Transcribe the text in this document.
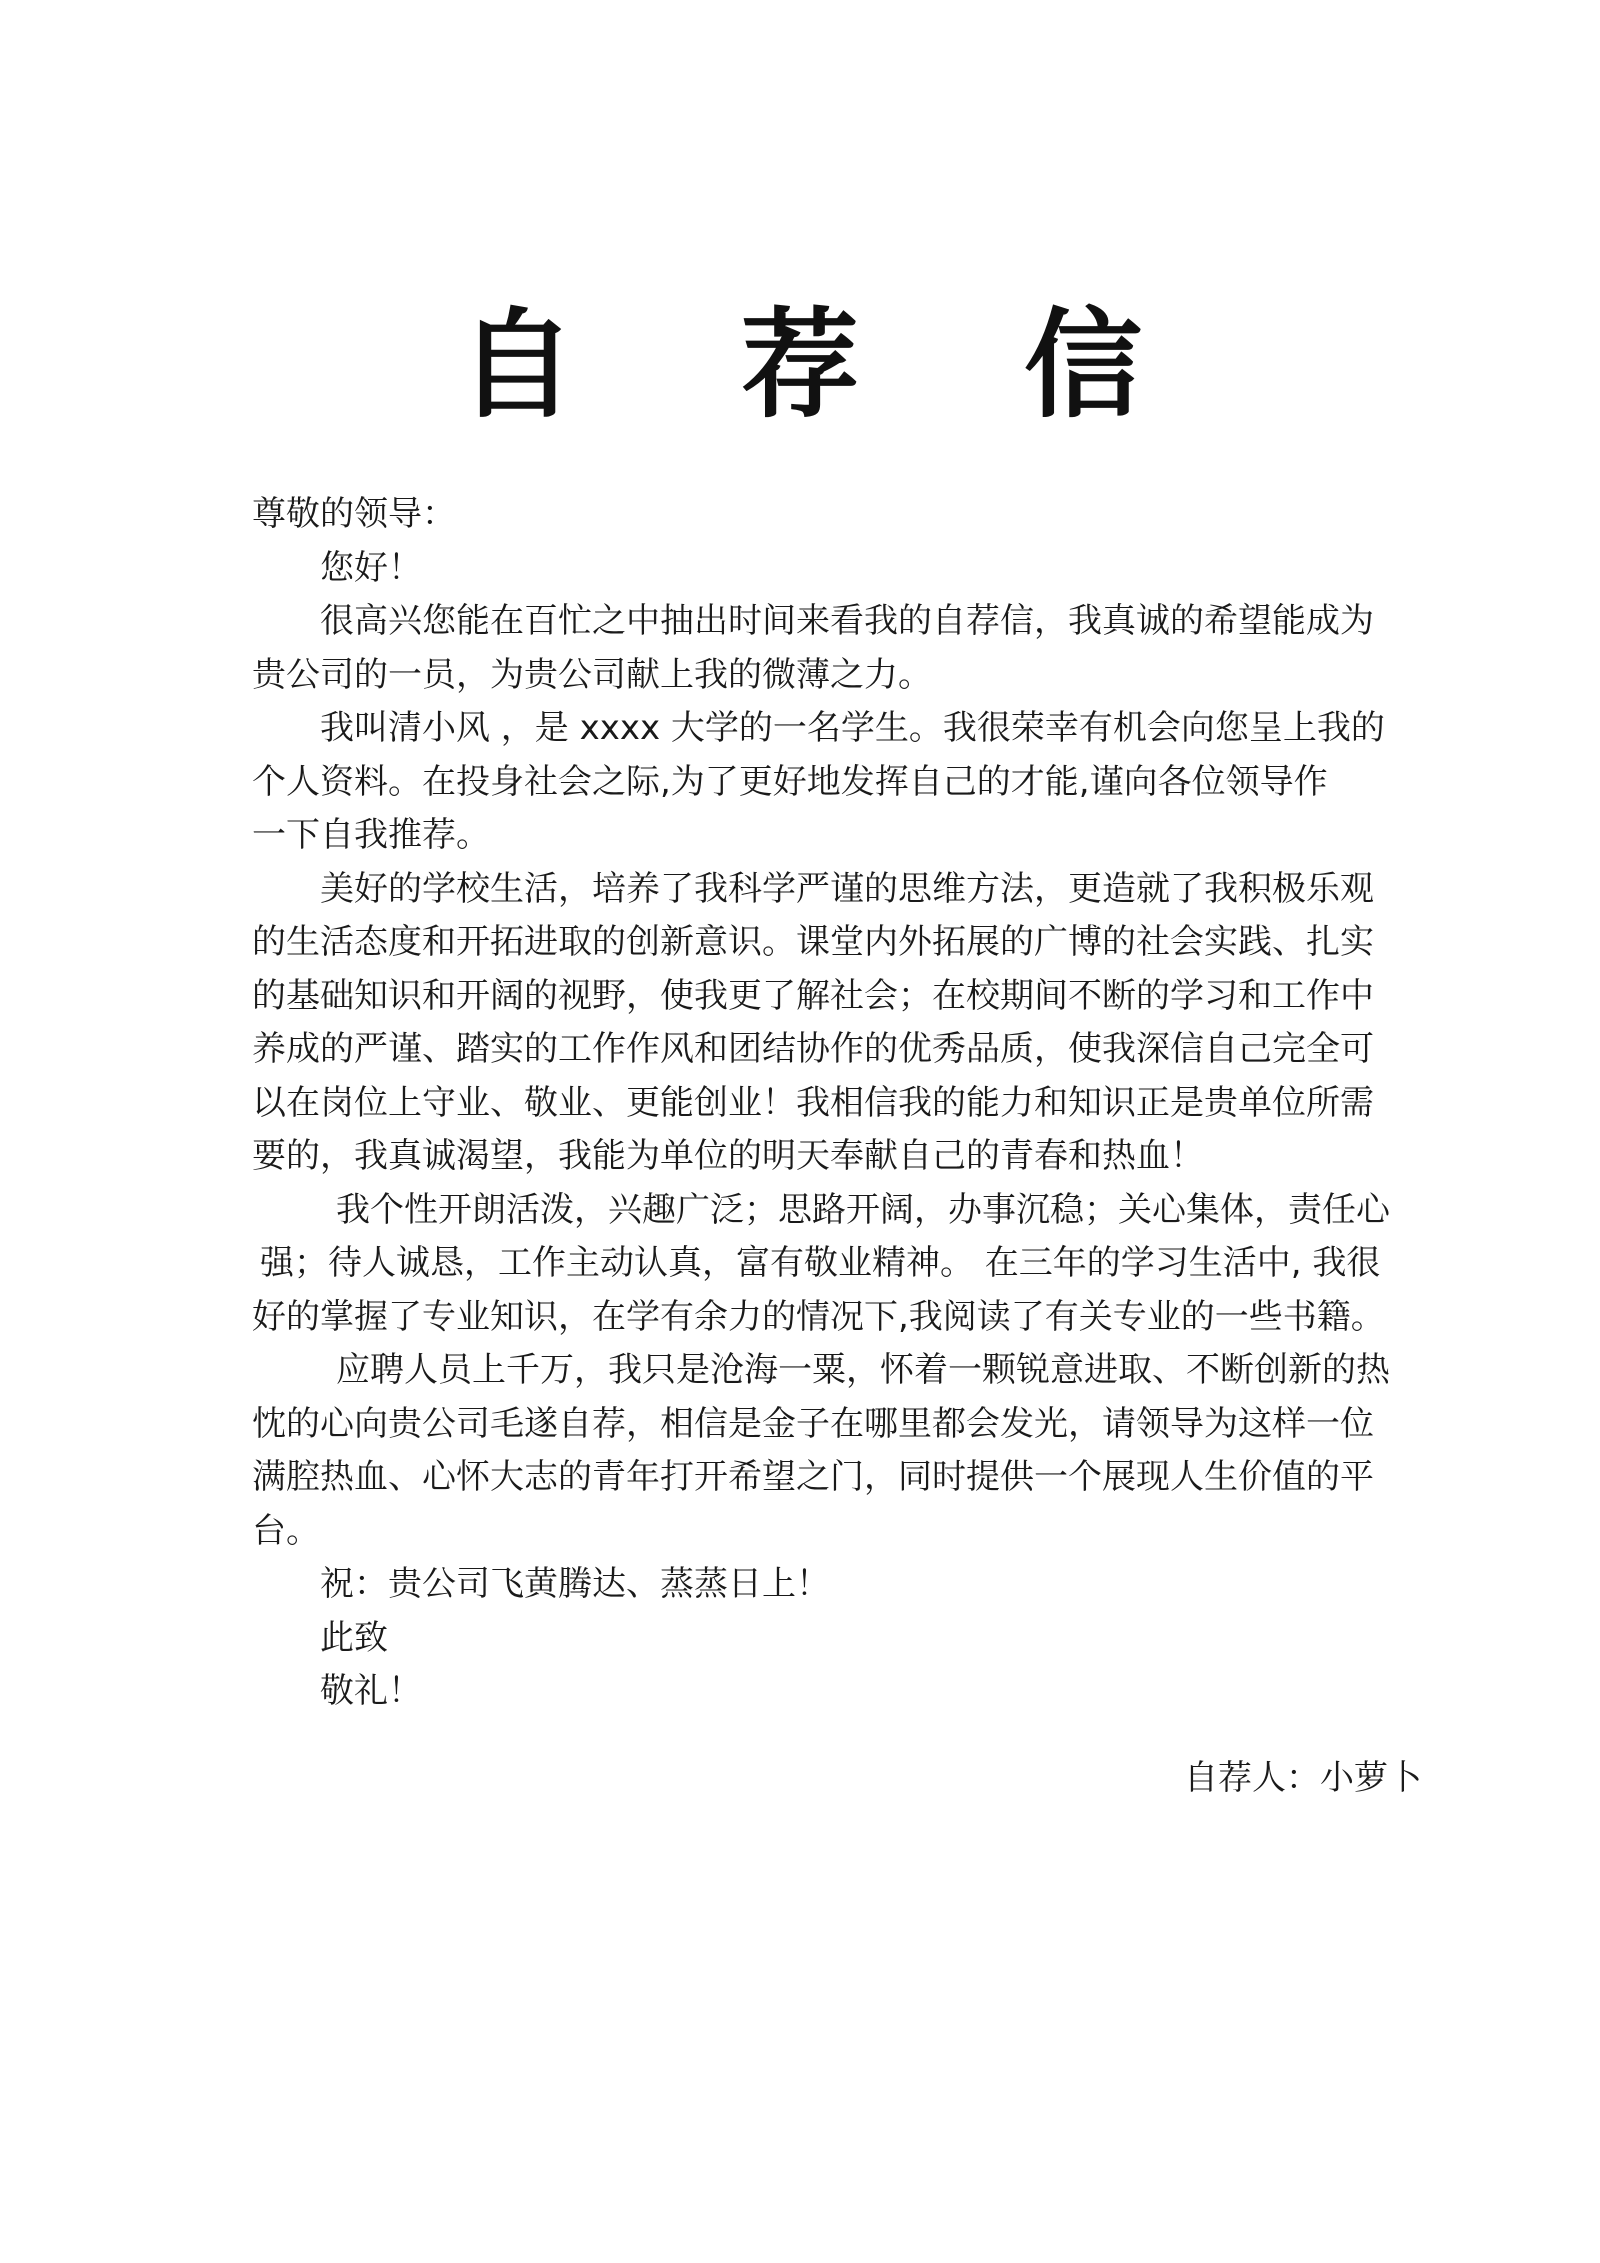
自 荐 信
尊敬的领导：
您好！
很高兴您能在百忙之中抽出时间来看我的自荐信，我真诚的希望能成为
贵公司的一员，为贵公司献上我的微薄之力。
我叫清小风 ，是 xxxx 大学的一名学生。我很荣幸有机会向您呈上我的
个人资料。在投身社会之际,为了更好地发挥自己的才能,谨向各位领导作
一下自我推荐。
美好的学校生活，培养了我科学严谨的思维方法，更造就了我积极乐观
的生活态度和开拓进取的创新意识。课堂内外拓展的广博的社会实践、扎实
的基础知识和开阔的视野，使我更了解社会；在校期间不断的学习和工作中
养成的严谨、踏实的工作作风和团结协作的优秀品质，使我深信自己完全可
以在岗位上守业、敬业、更能创业！我相信我的能力和知识正是贵单位所需
要的，我真诚渴望，我能为单位的明天奉献自己的青春和热血！
我个性开朗活泼，兴趣广泛；思路开阔，办事沉稳；关心集体，责任心
强；待人诚恳，工作主动认真，富有敬业精神。 在三年的学习生活中, 我很
好的掌握了专业知识，在学有余力的情况下,我阅读了有关专业的一些书籍。
应聘人员上千万，我只是沧海一粟，怀着一颗锐意进取、不断创新的热
忱的心向贵公司毛遂自荐，相信是金子在哪里都会发光，请领导为这样一位
满腔热血、心怀大志的青年打开希望之门，同时提供一个展现人生价值的平
台。
祝：贵公司飞黄腾达、蒸蒸日上！
此致
敬礼！
自荐人：小萝卜
